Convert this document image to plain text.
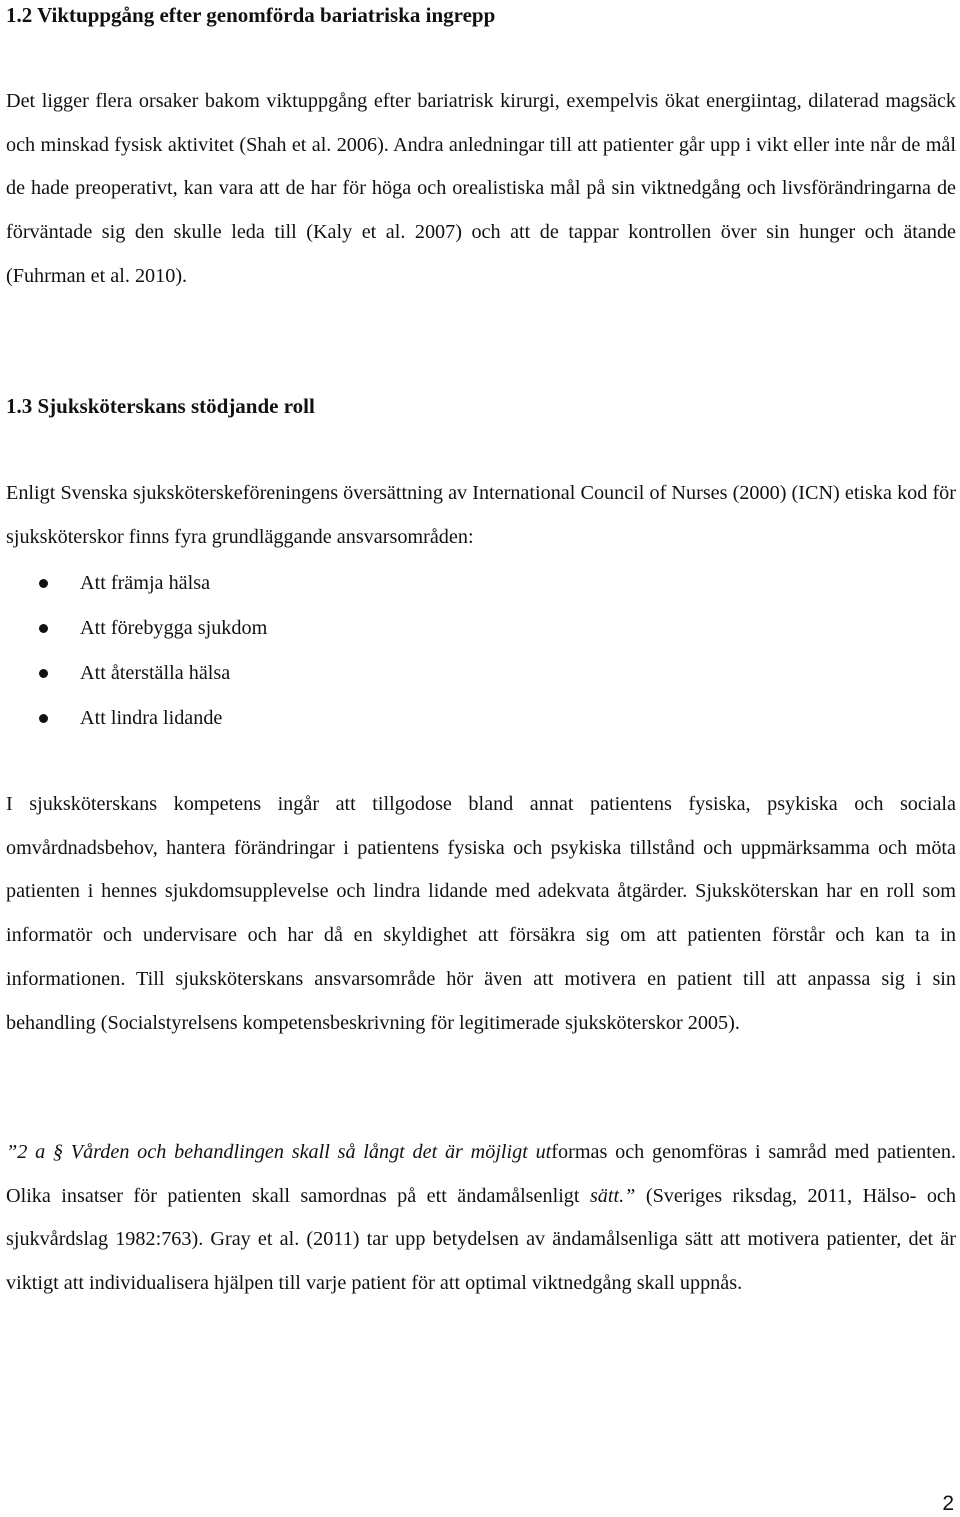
1.2 Viktuppgång efter genomförda bariatriska ingrepp

Det ligger flera orsaker bakom viktuppgång efter bariatrisk kirurgi, exempelvis ökat energiintag, dilaterad magsäck och minskad fysisk aktivitet (Shah et al. 2006). Andra anledningar till att patienter går upp i vikt eller inte når de mål de hade preoperativt, kan vara att de har för höga och orealistiska mål på sin viktnedgång och livsförändringarna de förväntade sig den skulle leda till (Kaly et al. 2007) och att de tappar kontrollen över sin hunger och ätande (Fuhrman et al. 2010).

1.3 Sjuksköterskans stödjande roll

Enligt Svenska sjuksköterskeföreningens översättning av International Council of Nurses (2000) (ICN) etiska kod för sjuksköterskor finns fyra grundläggande ansvarsområden:

Att främja hälsa
Att förebygga sjukdom
Att återställa hälsa
Att lindra lidande

I sjuksköterskans kompetens ingår att tillgodose bland annat patientens fysiska, psykiska och sociala omvårdnadsbehov, hantera förändringar i patientens fysiska och psykiska tillstånd och uppmärksamma och möta patienten i hennes sjukdomsupplevelse och lindra lidande med adekvata åtgärder. Sjuksköterskan har en roll som informatör och undervisare och har då en skyldighet att försäkra sig om att patienten förstår och kan ta in informationen. Till sjuksköterskans ansvarsområde hör även att motivera en patient till att anpassa sig i sin behandling (Socialstyrelsens kompetensbeskrivning för legitimerade sjuksköterskor 2005).

”2 a § Vården och behandlingen skall så långt det är möjligt utformas och genomföras i samråd med patienten. Olika insatser för patienten skall samordnas på ett ändamålsenligt sätt.” (Sveriges riksdag, 2011, Hälso- och sjukvårdslag 1982:763). Gray et al. (2011) tar upp betydelsen av ändamålsenliga sätt att motivera patienter, det är viktigt att individualisera hjälpen till varje patient för att optimal viktnedgång skall uppnås.

2
